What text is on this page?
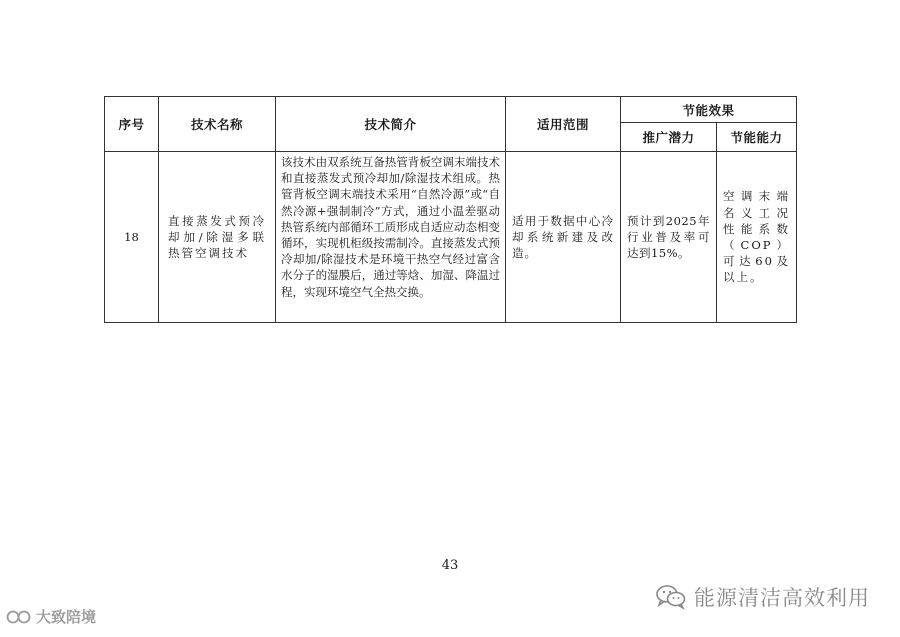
序号	技术名称	技术简介	适用范围	节能效果	
				推广潜力	节能能力
18	直接蒸发式预冷却加/除湿多联热管空调技术	该技术由双系统互备热管背板空调末端技术和直接蒸发式预冷却加/除湿技术组成。热管背板空调末端技术采用“自然冷源”或“自然冷源+强制制冷”方式，通过小温差驱动热管系统内部循环工质形成自适应动态相变循环，实现机柜级按需制冷。直接蒸发式预冷却加/除湿技术是环境干热空气经过富含水分子的湿膜后，通过等焓、加湿、降温过程，实现环境空气全热交换。	适用于数据中心冷却系统新建及改造。	预计到2025年行业普及率可达到15%。	空调末端名义工况性能系数（COP）可达60及以上。
43
能源清洁高效利用
大致陪境
